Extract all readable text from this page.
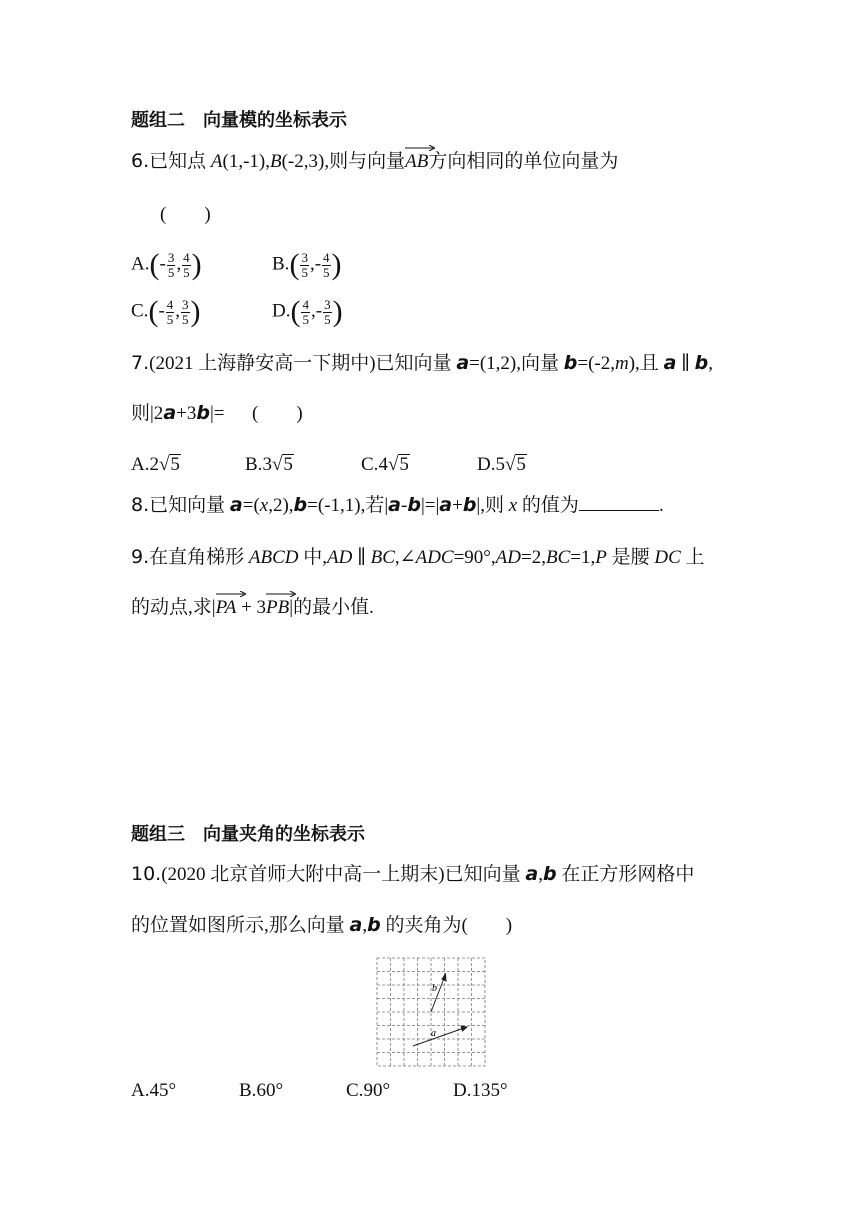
题组二　向量模的坐标表示
6.已知点 A(1,-1),B(-2,3),则与向量
AB方向相同的单位向量为
(　　)
$A.(- \frac{3}{5}$ , $\frac{4}{5}$ )	$B.( \frac{3}{5}$ ,- $\frac{4}{5}$ )
$C.(- \frac{4}{5}$ , $\frac{3}{5}$ )	$D.( \frac{4}{5}$ ,- $\frac{3}{5}$ )
7.(2021 上海静安高一下期中)已知向量 a=(1,2),向量 b=(-2,m),且 a ∥ b,
则|2a+3b|= (　　)
A.2√5	B.3√5	C.4√5	D.5√5
8.已知向量 a=(x,2),b=(-1,1),若|a-b|=|a+b|,则 x 的值为	.
9.在直角梯形 ABCD 中,AD ∥ BC,∠ADC=90°,AD=2,BC=1,P 是腰 DC 上
的动点,求|
PA + 3
PB|的最小值.
题组三　向量夹角的坐标表示
10.(2020 北京首师大附中高一上期末)已知向量 a,b 在正方形网格中
的位置如图所示,那么向量 a,b 的夹角为(　　)
b
a
A.45°	B.60°	C.90°	D.135°
